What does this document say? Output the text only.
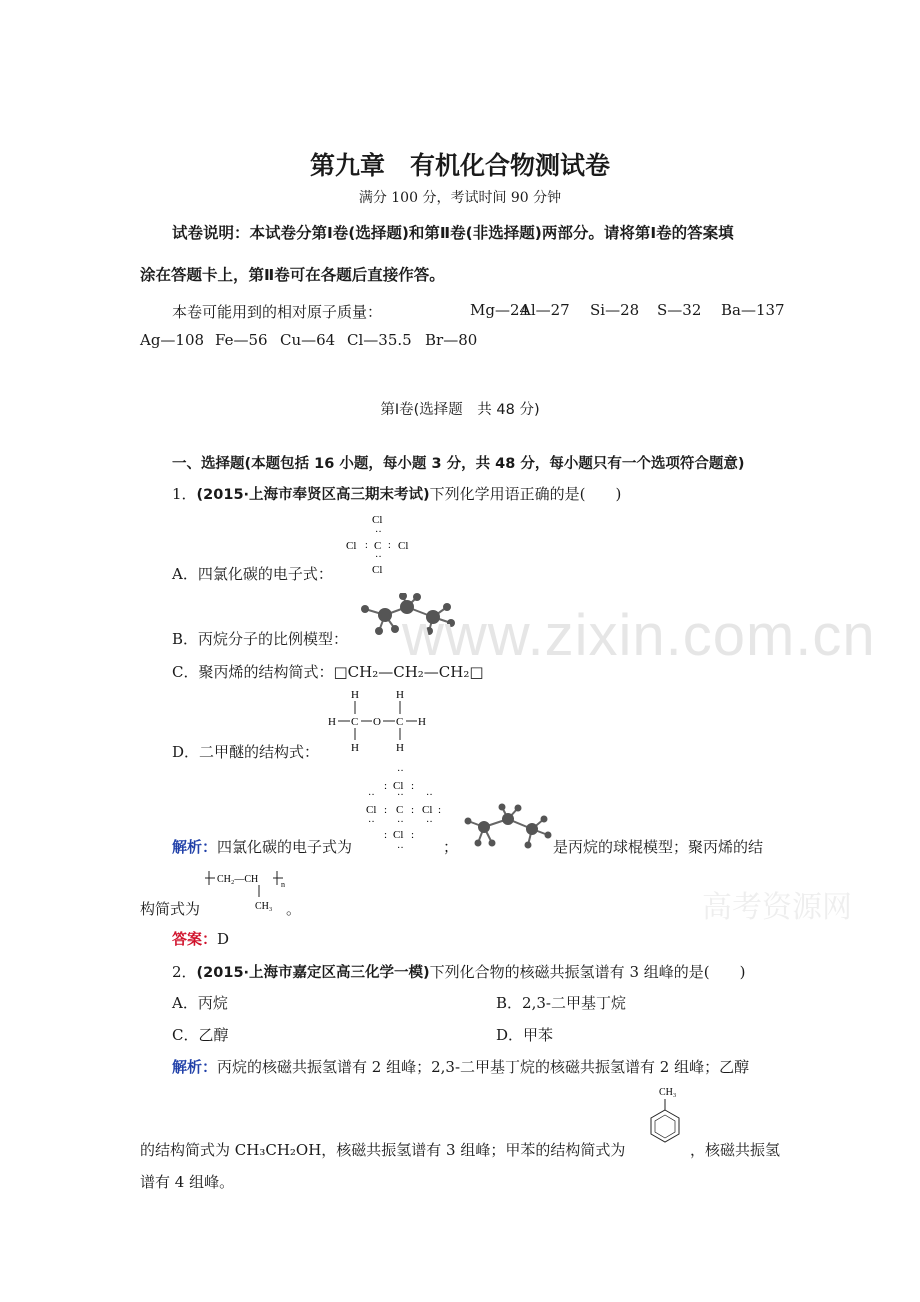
第九章　有机化合物测试卷
满分 100 分，考试时间 90 分钟
试卷说明：本试卷分第Ⅰ卷(选择题)和第Ⅱ卷(非选择题)两部分。请将第Ⅰ卷的答案填
涂在答题卡上，第Ⅱ卷可在各题后直接作答。
本卷可能用到的相对原子质量：	Mg—24
Al—27 Si—28 S—32 Ba—137
Ag—108 Fe—56 Cu—64 Cl—35.5 Br—80
第Ⅰ卷(选择题　共 48 分)
一、选择题(本题包括 16 小题，每小题 3 分，共 48 分，每小题只有一个选项符合题意)
1．(2015·上海市奉贤区高三期末考试)下列化学用语正确的是(　　)
Cl
··
Cl : C : Cl
··
Cl
A．四氯化碳的电子式：
B．丙烷分子的比例模型： www.zixin.com.cn
C．聚丙烯的结构简式：□CH₂—CH₂—CH₂□
H	H
H C O C H
H	H
D．二甲醚的结构式：
··
: Cl :
·· ·· ··
Cl : C : Cl :
·· ·· ··
: Cl :
··
解析：四氯化碳的电子式为	；	是丙烷的球棍模型；聚丙烯的结
CH₂—CH	n
CH₃
构简式为	。	高考资源网
答案：D
2．(2015·上海市嘉定区高三化学一模)下列化合物的核磁共振氢谱有 3 组峰的是(　　)
A．丙烷	B．2,3-二甲基丁烷
C．乙醇	D．甲苯
解析：丙烷的核磁共振氢谱有 2 组峰；2,3-二甲基丁烷的核磁共振氢谱有 2 组峰；乙醇
CH₃
的结构简式为 CH₃CH₂OH，核磁共振氢谱有 3 组峰；甲苯的结构简式为	，核磁共振氢
谱有 4 组峰。
